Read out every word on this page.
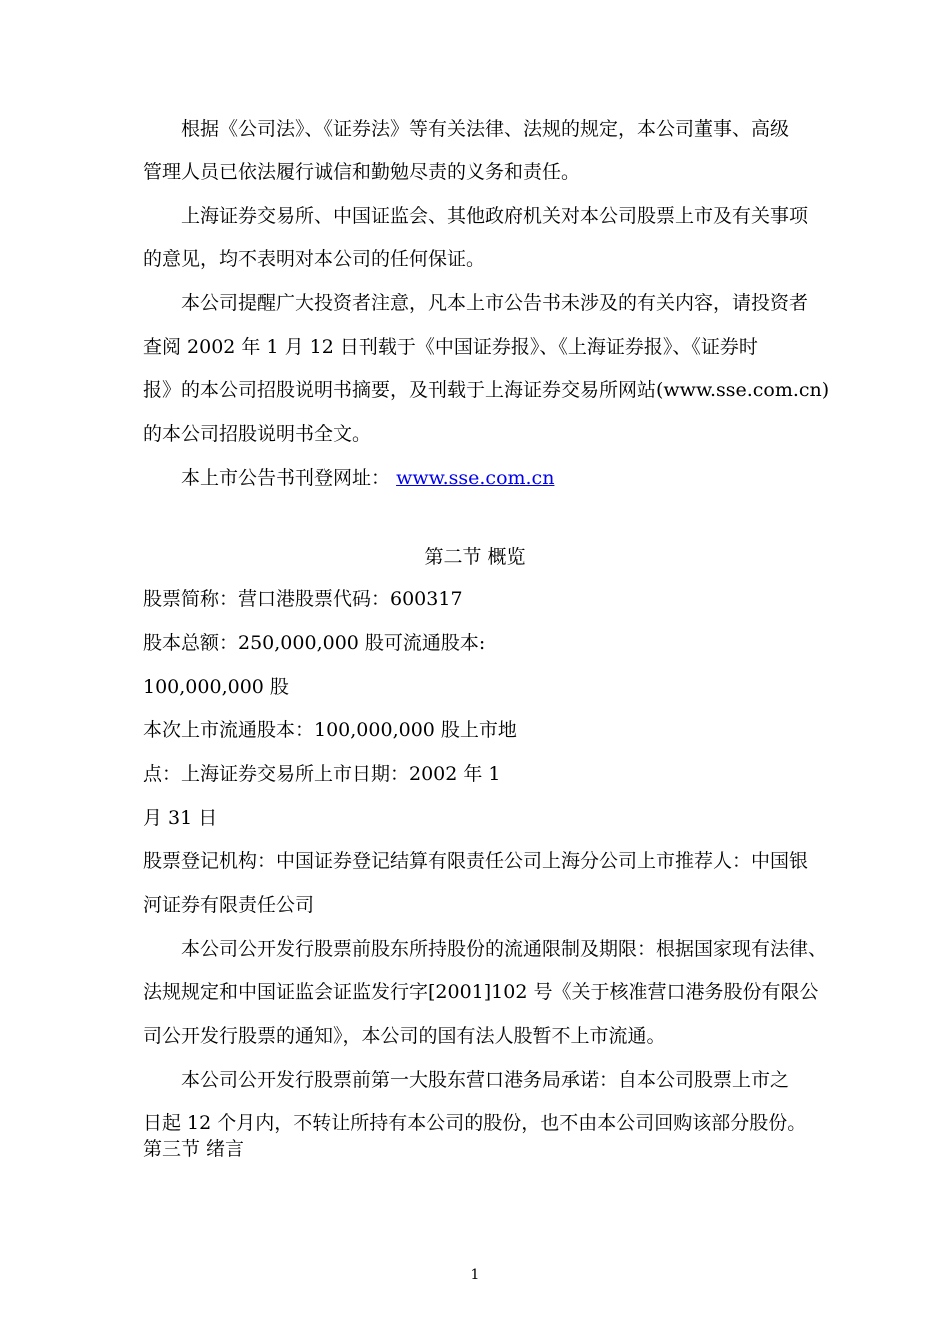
根据《公司法》、《证券法》等有关法律、法规的规定，本公司董事、高级
管理人员已依法履行诚信和勤勉尽责的义务和责任。
上海证券交易所、中国证监会、其他政府机关对本公司股票上市及有关事项
的意见，均不表明对本公司的任何保证。
本公司提醒广大投资者注意，凡本上市公告书未涉及的有关内容，请投资者
查阅 2002 年 1 月 12 日刊载于《中国证券报》、《上海证券报》、《证券时
报》的本公司招股说明书摘要，及刊载于上海证券交易所网站(www.sse.com.cn)
的本公司招股说明书全文。
本上市公告书刊登网址： www.sse.com.cn
第二节 概览
股票简称：营口港股票代码：600317
股本总额：250,000,000 股可流通股本:
100,000,000 股
本次上市流通股本：100,000,000 股上市地
点：上海证券交易所上市日期：2002 年 1
月 31 日
股票登记机构：中国证券登记结算有限责任公司上海分公司上市推荐人：中国银
河证券有限责任公司
本公司公开发行股票前股东所持股份的流通限制及期限：根据国家现有法律、
法规规定和中国证监会证监发行字[2001]102 号《关于核准营口港务股份有限公
司公开发行股票的通知》，本公司的国有法人股暂不上市流通。
本公司公开发行股票前第一大股东营口港务局承诺：自本公司股票上市之
日起 12 个月内，不转让所持有本公司的股份，也不由本公司回购该部分股份。
第三节 绪言
1
